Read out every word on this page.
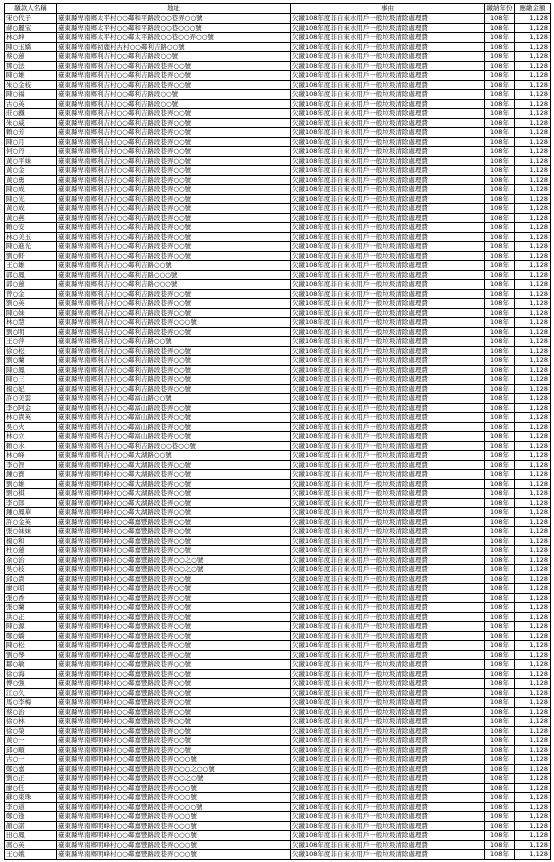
繳款人名稱	地址	事由	繳納年份	應繳金額
宋○代子	臺東縣卑南鄉太平村○○鄰和平路段○○巷弄○○號	欠繳108年度非自來水用戶一般垃圾清除處理費	108年	1,128
蔣○麗宝	臺東縣卑南鄉太平村○○鄰和平路段○○巷○○○號	欠繳108年度非自來水用戶一般垃圾清除處理費	108年	1,128
林○坤	臺東縣卑南鄉太平村○○鄰太平路段○○巷○○弄○○號	欠繳108年度非自來水用戶一般垃圾清除處理費	108年	1,128
陳○玉嬌	臺東縣卑南鄉初鹿村古村○○鄰利吉路○○號	欠繳108年度非自來水用戶一般垃圾清除處理費	108年	1,128
蔡○蓮	臺東縣卑南鄉利吉村○○鄰利吉路段○○號	欠繳108年度非自來水用戶一般垃圾清除處理費	108年	1,128
鄧○法	臺東縣卑南鄉利吉村○○鄰利吉路段巷弄○○號	欠繳108年度非自來水用戶一般垃圾清除處理費	108年	1,128
陳○雄	臺東縣卑南鄉利吉村○○鄰利吉路段巷弄○○號	欠繳108年度非自來水用戶一般垃圾清除處理費	108年	1,128
朱○金枝	臺東縣卑南鄉利吉村○○鄰利吉路段巷弄○○號	欠繳108年度非自來水用戶一般垃圾清除處理費	108年	1,128
陳○福	臺東縣卑南鄉利吉村○○鄰利吉路段○○號	欠繳108年度非自來水用戶一般垃圾清除處理費	108年	1,128
古○英	臺東縣卑南鄉利吉村○○鄰利吉路段○○號	欠繳108年度非自來水用戶一般垃圾清除處理費	108年	1,128
莊○鐵	臺東縣卑南鄉利吉村○○鄰利吉路段巷弄○○號	欠繳108年度非自來水用戶一般垃圾清除處理費	108年	1,128
朱○威	臺東縣卑南鄉利吉村○○鄰利吉路段巷弄○○號	欠繳108年度非自來水用戶一般垃圾清除處理費	108年	1,128
賴○芳	臺東縣卑南鄉利吉村○○鄰利吉路段巷弄○○號	欠繳108年度非自來水用戶一般垃圾清除處理費	108年	1,128
陳○月	臺東縣卑南鄉利吉村○○鄰利吉路段巷弄○○號	欠繳108年度非自來水用戶一般垃圾清除處理費	108年	1,128
何○丹	臺東縣卑南鄉利吉村○○鄰利吉路段巷弄○○號	欠繳108年度非自來水用戶一般垃圾清除處理費	108年	1,128
黃○平妹	臺東縣卑南鄉利吉村○○鄰利吉路段巷弄○○號	欠繳108年度非自來水用戶一般垃圾清除處理費	108年	1,128
黃○金	臺東縣卑南鄉利吉村○○鄰利吉路段巷弄○○號	欠繳108年度非自來水用戶一般垃圾清除處理費	108年	1,128
黃○勇	臺東縣卑南鄉利吉村○○鄰利吉路段巷弄○○號	欠繳108年度非自來水用戶一般垃圾清除處理費	108年	1,128
陳○成	臺東縣卑南鄉利吉村○○鄰利吉路段巷弄○○號	欠繳108年度非自來水用戶一般垃圾清除處理費	108年	1,128
陳○光	臺東縣卑南鄉利吉村○○鄰利吉路段巷弄○○號	欠繳108年度非自來水用戶一般垃圾清除處理費	108年	1,128
黃○成	臺東縣卑南鄉利吉村○○鄰利吉路段巷弄○○號	欠繳108年度非自來水用戶一般垃圾清除處理費	108年	1,128
黃○燕	臺東縣卑南鄉利吉村○○鄰利吉路段巷弄○○號	欠繳108年度非自來水用戶一般垃圾清除處理費	108年	1,128
賴○安	臺東縣卑南鄉利吉村○○鄰利吉路段巷弄○○號	欠繳108年度非自來水用戶一般垃圾清除處理費	108年	1,128
林○美玉	臺東縣卑南鄉利吉村○○鄰利吉路段巷弄○○號	欠繳108年度非自來水用戶一般垃圾清除處理費	108年	1,128
陳○進光	臺東縣卑南鄉利吉村○○鄰利吉路段巷弄○○號	欠繳108年度非自來水用戶一般垃圾清除處理費	108年	1,128
劉○軒	臺東縣卑南鄉利吉村○○鄰利吉路段巷弄○○號	欠繳108年度非自來水用戶一般垃圾清除處理費	108年	1,128
王○雄	臺東縣卑南鄉利吉村○○鄰利吉路○○號	欠繳108年度非自來水用戶一般垃圾清除處理費	108年	1,128
郭○鳳	臺東縣卑南鄉利吉村○○鄰利吉路○○○號	欠繳108年度非自來水用戶一般垃圾清除處理費	108年	1,128
郭○蓮	臺東縣卑南鄉利吉村○○鄰利吉路○○○號	欠繳108年度非自來水用戶一般垃圾清除處理費	108年	1,128
曾○金	臺東縣卑南鄉利吉村○○鄰利吉路段巷弄○○號	欠繳108年度非自來水用戶一般垃圾清除處理費	108年	1,128
劉○英	臺東縣卑南鄉利吉村○○鄰利吉路段巷弄○○號	欠繳108年度非自來水用戶一般垃圾清除處理費	108年	1,128
陳○妹	臺東縣卑南鄉利吉村○○鄰利吉路段巷弄○○號	欠繳108年度非自來水用戶一般垃圾清除處理費	108年	1,128
林○慧	臺東縣卑南鄉利吉村○○鄰利吉路段巷弄○○○號	欠繳108年度非自來水用戶一般垃圾清除處理費	108年	1,128
劉○明	臺東縣卑南鄉利吉村○○鄰利吉路段巷弄○○號	欠繳108年度非自來水用戶一般垃圾清除處理費	108年	1,128
王○萍	臺東縣卑南鄉利吉村○○鄰利吉路○○號	欠繳108年度非自來水用戶一般垃圾清除處理費	108年	1,128
徐○松	臺東縣卑南鄉利吉村○○鄰利吉路段巷弄○○號	欠繳108年度非自來水用戶一般垃圾清除處理費	108年	1,128
劉○蘭	臺東縣卑南鄉利吉村○○鄰利吉路段巷弄○○號	欠繳108年度非自來水用戶一般垃圾清除處理費	108年	1,128
陳○鳳	臺東縣卑南鄉利吉村○○鄰利吉路段巷弄○○號	欠繳108年度非自來水用戶一般垃圾清除處理費	108年	1,128
陳○三	臺東縣卑南鄉利吉村○○鄰利吉路段巷弄○○號	欠繳108年度非自來水用戶一般垃圾清除處理費	108年	1,128
楊○妃	臺東縣卑南鄉利吉村○○鄰利吉路段巷弄○○號	欠繳108年度非自來水用戶一般垃圾清除處理費	108年	1,128
許○美雲	臺東縣卑南鄉利吉村○○鄰富山路○○號	欠繳108年度非自來水用戶一般垃圾清除處理費	108年	1,128
李○阿金	臺東縣卑南鄉利吉村○○鄰富山路段巷弄○○號	欠繳108年度非自來水用戶一般垃圾清除處理費	108年	1,128
林○貴英	臺東縣卑南鄉利吉村○○鄰富山路段巷弄○○號	欠繳108年度非自來水用戶一般垃圾清除處理費	108年	1,128
吳○火	臺東縣卑南鄉利吉村○○鄰富山路段巷弄○○號	欠繳108年度非自來水用戶一般垃圾清除處理費	108年	1,128
林○立	臺東縣卑南鄉利吉村○○鄰富山路段巷弄○○號	欠繳108年度非自來水用戶一般垃圾清除處理費	108年	1,128
賴○水	臺東縣卑南鄉利吉村○○鄰利吉路段○○巷○○號	欠繳108年度非自來水用戶一般垃圾清除處理費	108年	1,128
林○峰	臺東縣卑南鄉利吉村○○鄰大湖路○○號	欠繳108年度非自來水用戶一般垃圾清除處理費	108年	1,128
李○智	臺東縣卑南鄉明峰村○○鄰大湖路段巷弄○○號	欠繳108年度非自來水用戶一般垃圾清除處理費	108年	1,128
鍾○寶	臺東縣卑南鄉明峰村○○鄰大湖路段巷弄○○號	欠繳108年度非自來水用戶一般垃圾清除處理費	108年	1,128
劉○雄	臺東縣卑南鄉明峰村○○鄰大湖路段巷弄○○號	欠繳108年度非自來水用戶一般垃圾清除處理費	108年	1,128
劉○棋	臺東縣卑南鄉明峰村○○鄰大湖路段巷弄○○號	欠繳108年度非自來水用戶一般垃圾清除處理費	108年	1,128
李○郎	臺東縣卑南鄉明峰村○○鄰大湖路段巷弄○○號	欠繳108年度非自來水用戶一般垃圾清除處理費	108年	1,128
鍾○鳳華	臺東縣卑南鄉明峰村○○鄰大湖路段巷弄○○號	欠繳108年度非自來水用戶一般垃圾清除處理費	108年	1,128
許○金英	臺東縣卑南鄉明峰村○○鄰嘉豐路段巷弄○○號	欠繳108年度非自來水用戶一般垃圾清除處理費	108年	1,128
張○妹妹	臺東縣卑南鄉明峰村○○鄰嘉豐路段巷弄○○號	欠繳108年度非自來水用戶一般垃圾清除處理費	108年	1,128
楊○和	臺東縣卑南鄉明峰村○○鄰嘉豐路段巷弄○○號	欠繳108年度非自來水用戶一般垃圾清除處理費	108年	1,128
杜○蓮	臺東縣卑南鄉明峰村○○鄰嘉豐路段巷弄○○號	欠繳108年度非自來水用戶一般垃圾清除處理費	108年	1,128
余○治	臺東縣卑南鄉明峰村○○鄰嘉豐路段巷弄○○之○號	欠繳108年度非自來水用戶一般垃圾清除處理費	108年	1,128
吳○枝	臺東縣卑南鄉明峰村○○鄰嘉豐路段巷弄○○之○號	欠繳108年度非自來水用戶一般垃圾清除處理費	108年	1,128
邱○貴	臺東縣卑南鄉明峰村○○鄰嘉豐路段巷弄○○號	欠繳108年度非自來水用戶一般垃圾清除處理費	108年	1,128
廖○昭	臺東縣卑南鄉明峰村○○鄰嘉豐路段巷弄○○號	欠繳108年度非自來水用戶一般垃圾清除處理費	108年	1,128
張○香	臺東縣卑南鄉明峰村○○鄰嘉豐路段巷弄○○號	欠繳108年度非自來水用戶一般垃圾清除處理費	108年	1,128
張○蘭	臺東縣卑南鄉明峰村○○鄰嘉豐路段巷弄○○號	欠繳108年度非自來水用戶一般垃圾清除處理費	108年	1,128
洪○正	臺東縣卑南鄉明峰村○○鄰嘉豐路段巷弄○○號	欠繳108年度非自來水用戶一般垃圾清除處理費	108年	1,128
陳○源	臺東縣卑南鄉明峰村○○鄰嘉豐路段巷弄○○號	欠繳108年度非自來水用戶一般垃圾清除處理費	108年	1,128
鄭○嬌	臺東縣卑南鄉明峰村○○鄰嘉豐路段巷弄○○號	欠繳108年度非自來水用戶一般垃圾清除處理費	108年	1,128
陳○松	臺東縣卑南鄉明峰村○○鄰嘉豐路段巷弄○○號	欠繳108年度非自來水用戶一般垃圾清除處理費	108年	1,128
劉○琴	臺東縣卑南鄉明峰村○○鄰嘉豐路段巷弄○○號	欠繳108年度非自來水用戶一般垃圾清除處理費	108年	1,128
鄒○敏	臺東縣卑南鄉明峰村○○鄰嘉豐路段巷弄○○號	欠繳108年度非自來水用戶一般垃圾清除處理費	108年	1,128
徐○海	臺東縣卑南鄉明峰村○○鄰嘉豐路段巷弄○○號	欠繳108年度非自來水用戶一般垃圾清除處理費	108年	1,128
傅○強	臺東縣卑南鄉明峰村○○鄰嘉豐路段巷弄○○號	欠繳108年度非自來水用戶一般垃圾清除處理費	108年	1,128
江○久	臺東縣卑南鄉明峰村○○鄰嘉豐路段巷弄○○號	欠繳108年度非自來水用戶一般垃圾清除處理費	108年	1,128
馬○李梅	臺東縣卑南鄉明峰村○○鄰嘉豐路段巷弄○○號	欠繳108年度非自來水用戶一般垃圾清除處理費	108年	1,128
蔡○治	臺東縣卑南鄉明峰村○○鄰嘉豐路段巷弄○○號	欠繳108年度非自來水用戶一般垃圾清除處理費	108年	1,128
徐○林	臺東縣卑南鄉明峰村○○鄰嘉豐路段巷弄○○號	欠繳108年度非自來水用戶一般垃圾清除處理費	108年	1,128
徐○榮	臺東縣卑南鄉明峰村○○鄰嘉豐路段巷弄○○號	欠繳108年度非自來水用戶一般垃圾清除處理費	108年	1,128
黃○一	臺東縣卑南鄉明峰村○○鄰嘉豐路段巷弄○○號	欠繳108年度非自來水用戶一般垃圾清除處理費	108年	1,128
邱○順	臺東縣卑南鄉明峰村○○鄰嘉豐路段巷弄○○號	欠繳108年度非自來水用戶一般垃圾清除處理費	108年	1,128
古○一	臺東縣卑南鄉明峰村○○鄰嘉豐路段巷弄○○○號	欠繳108年度非自來水用戶一般垃圾清除處理費	108年	1,128
鄭○嘉	臺東縣卑南鄉明峰村○○鄰嘉豐路段巷弄○○○之○○號	欠繳108年度非自來水用戶一般垃圾清除處理費	108年	1,128
劉○正	臺東縣卑南鄉明峰村○○鄰嘉豐路段巷弄○○之○號	欠繳108年度非自來水用戶一般垃圾清除處理費	108年	1,128
廖○任	臺東縣卑南鄉明峰村○○鄰嘉豐路段巷弄○○○號	欠繳108年度非自來水用戶一般垃圾清除處理費	108年	1,128
蘇○東珠	臺東縣卑南鄉明峰村○○鄰嘉豐路段巷弄○○○號	欠繳108年度非自來水用戶一般垃圾清除處理費	108年	1,128
李○道	臺東縣卑南鄉明峰村○○鄰嘉豐路段巷弄○○○○號	欠繳108年度非自來水用戶一般垃圾清除處理費	108年	1,128
鄭○逢	臺東縣卑南鄉明峰村○○鄰嘉豐路段巷弄○○○號	欠繳108年度非自來水用戶一般垃圾清除處理費	108年	1,128
顏○諾	臺東縣卑南鄉明峰村○○鄰嘉豐路段巷弄○○○號	欠繳108年度非自來水用戶一般垃圾清除處理費	108年	1,128
田○鳳	臺東縣卑南鄉明峰村○○鄰嘉豐路段巷弄○○○號	欠繳108年度非自來水用戶一般垃圾清除處理費	108年	1,128
馮○英	臺東縣卑南鄉明峰村○○鄰嘉豐路段巷弄○○○號	欠繳108年度非自來水用戶一般垃圾清除處理費	108年	1,128
王○娥	臺東縣卑南鄉明峰村○○鄰嘉豐路段巷弄○○○號	欠繳108年度非自來水用戶一般垃圾清除處理費	108年	1,128
